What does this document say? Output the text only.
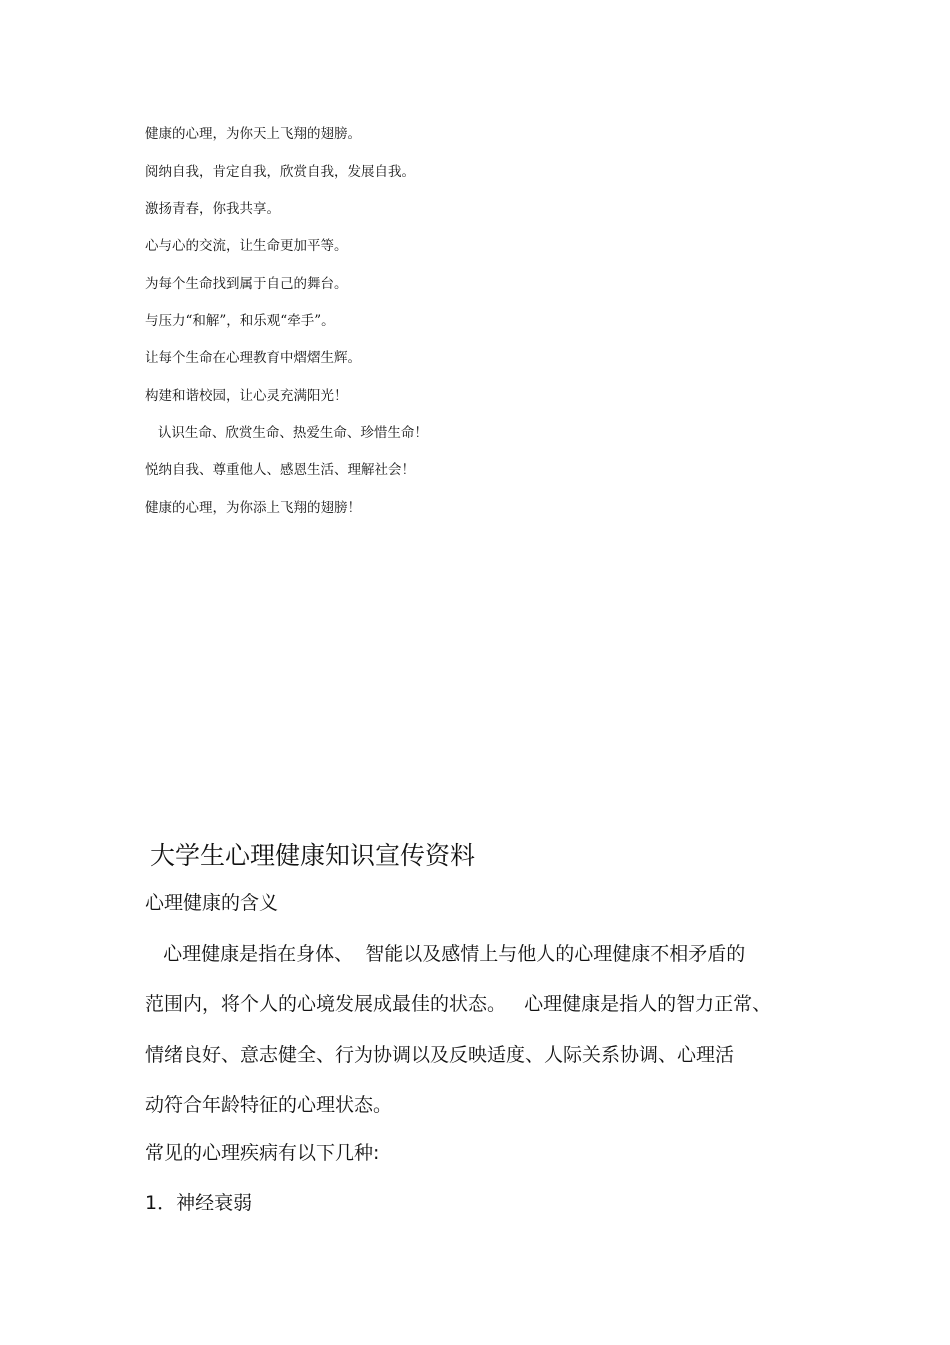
健康的心理，为你天上飞翔的翅膀。
阅纳自我，肯定自我，欣赏自我，发展自我。
激扬青春，你我共享。
心与心的交流，让生命更加平等。
为每个生命找到属于自己的舞台。
与压力“和解”，和乐观“牵手”。
让每个生命在心理教育中熠熠生辉。
构建和谐校园，让心灵充满阳光！
认识生命、欣赏生命、热爱生命、珍惜生命！
悦纳自我、尊重他人、感恩生活、理解社会！
健康的心理，为你添上飞翔的翅膀！
大学生心理健康知识宣传资料
心理健康的含义
心理健康是指在身体、  智能以及感情上与他人的心理健康不相矛盾的
范围内，将个人的心境发展成最佳的状态。   心理健康是指人的智力正常、
情绪良好、意志健全、行为协调以及反映适度、人际关系协调、心理活
动符合年龄特征的心理状态。
常见的心理疾病有以下几种:
1．神经衰弱
